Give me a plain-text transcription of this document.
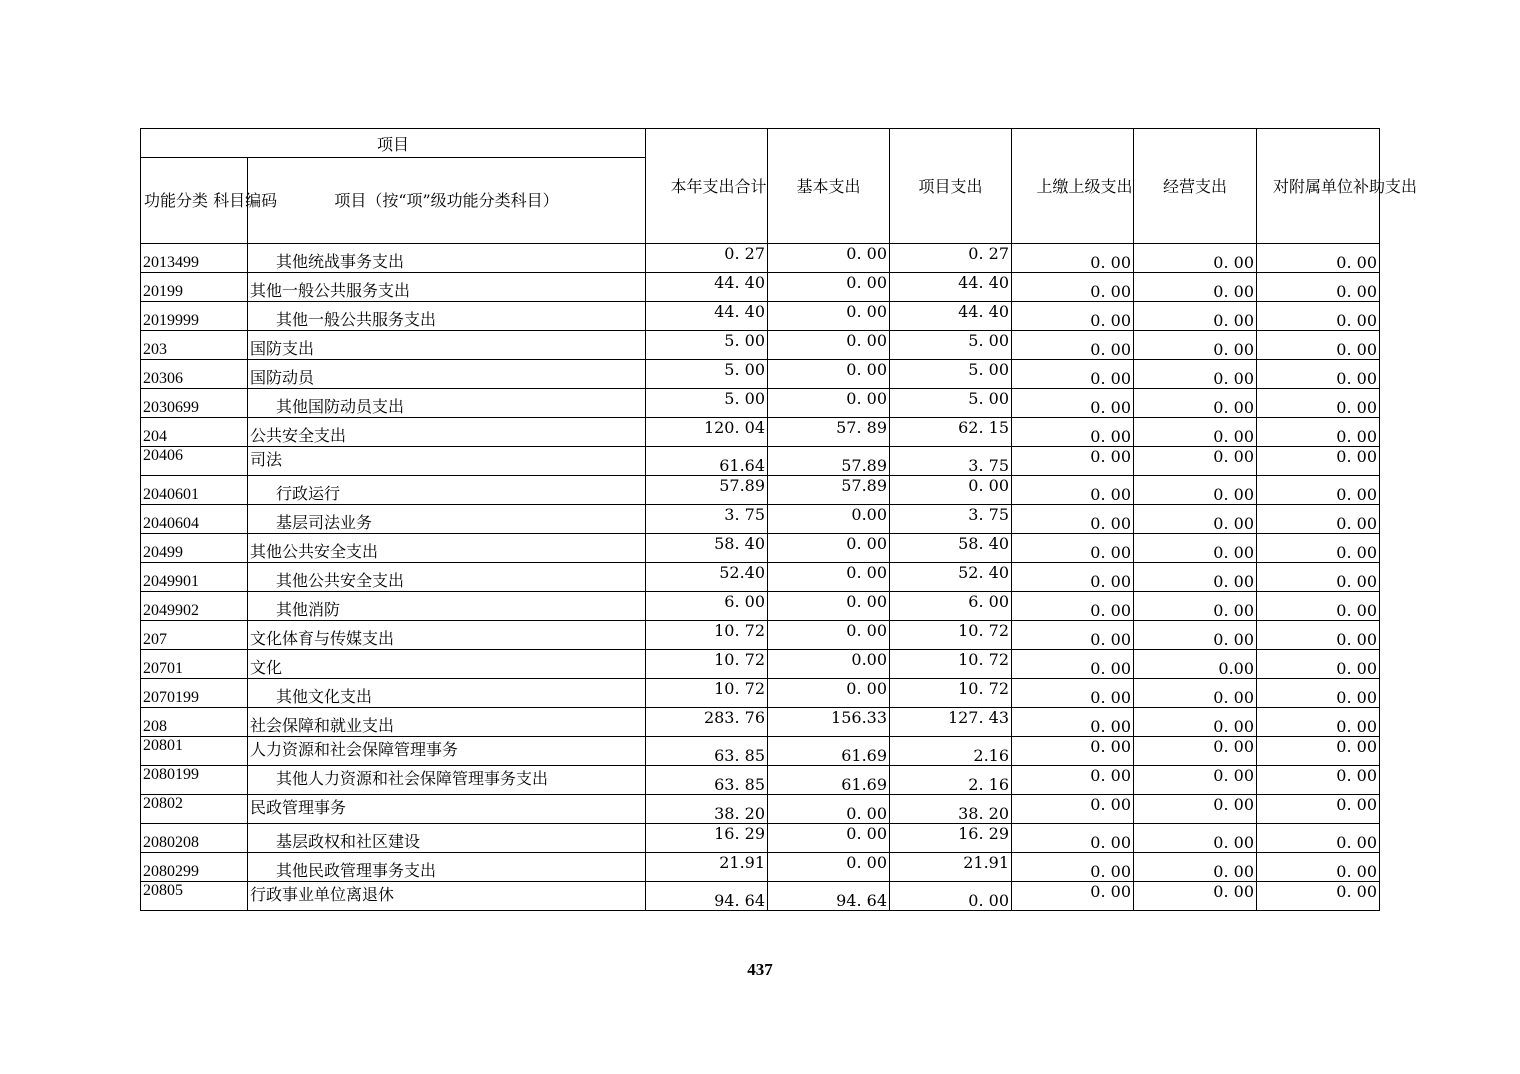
项目		本年支出合计	基本支出	项目支出	上缴上级支出	经营支出	对附属单位补助支出

功能分类 科目编码	项目（按“项”级功能分类科目）						
2013499	其他统战事务支出	0. 27	0. 00	0. 27	0. 00	0. 00	0. 00
20199	其他一般公共服务支出	44. 40	0. 00	44. 40	0. 00	0. 00	0. 00
2019999	其他一般公共服务支出	44. 40	0. 00	44. 40	0. 00	0. 00	0. 00
203	国防支出	5. 00	0. 00	5. 00	0. 00	0. 00	0. 00
20306	国防动员	5. 00	0. 00	5. 00	0. 00	0. 00	0. 00
2030699	其他国防动员支出	5. 00	0. 00	5. 00	0. 00	0. 00	0. 00
204	公共安全支出	120. 04	57. 89	62. 15	0. 00	0. 00	0. 00
20406	司法	61.64	57.89	3. 75	0. 00	0. 00	0. 00
2040601	行政运行	57.89	57.89	0. 00	0. 00	0. 00	0. 00
2040604	基层司法业务	3. 75	0.00	3. 75	0. 00	0. 00	0. 00
20499	其他公共安全支出	58. 40	0. 00	58. 40	0. 00	0. 00	0. 00
2049901	其他公共安全支出	52.40	0. 00	52. 40	0. 00	0. 00	0. 00
2049902	其他消防	6. 00	0. 00	6. 00	0. 00	0. 00	0. 00
207	文化体育与传媒支出	10. 72	0. 00	10. 72	0. 00	0. 00	0. 00
20701	文化	10. 72	0.00	10. 72	0. 00	0.00	0. 00
2070199	其他文化支出	10. 72	0. 00	10. 72	0. 00	0. 00	0. 00
208	社会保障和就业支出	283. 76	156.33	127. 43	0. 00	0. 00	0. 00
20801	人力资源和社会保障管理事务	63. 85	61.69	2.16	0. 00	0. 00	0. 00
2080199	其他人力资源和社会保障管理事务支出	63. 85	61.69	2. 16	0. 00	0. 00	0. 00
20802	民政管理事务	38. 20	0. 00	38. 20	0. 00	0. 00	0. 00
2080208	基层政权和社区建设	16. 29	0. 00	16. 29	0. 00	0. 00	0. 00
2080299	其他民政管理事务支出	21.91	0. 00	21.91	0. 00	0. 00	0. 00
20805	行政事业单位离退休	94. 64	94. 64	0. 00	0. 00	0. 00	0. 00
437
